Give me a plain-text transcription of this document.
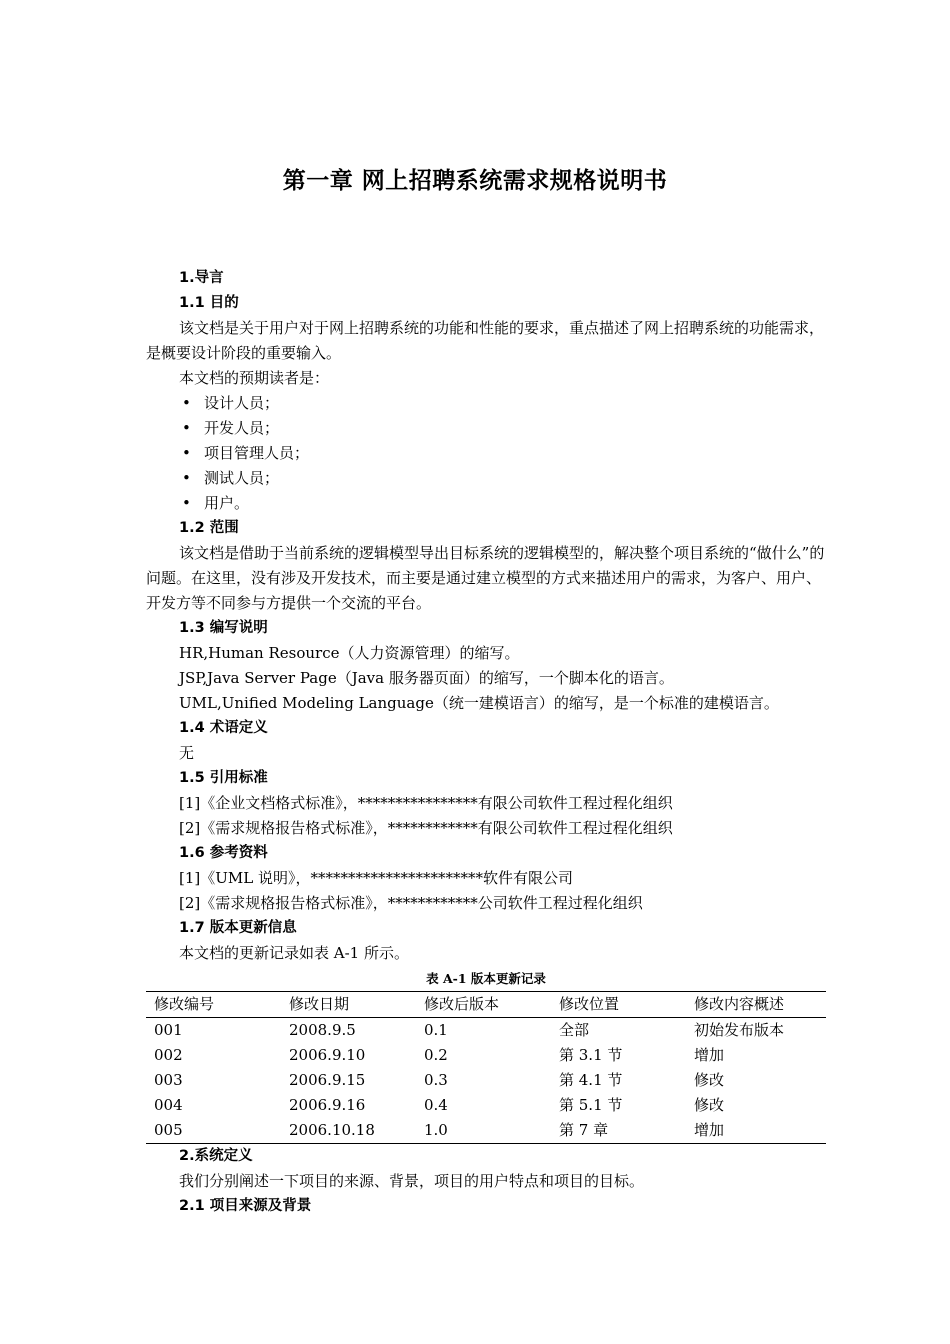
第一章 网上招聘系统需求规格说明书
1.导言
1.1 目的
该文档是关于用户对于网上招聘系统的功能和性能的要求，重点描述了网上招聘系统的功能需求，是概要设计阶段的重要输入。
本文档的预期读者是：
• 设计人员；
• 开发人员；
• 项目管理人员；
• 测试人员；
• 用户。
1.2 范围
该文档是借助于当前系统的逻辑模型导出目标系统的逻辑模型的，解决整个项目系统的“做什么”的问题。在这里，没有涉及开发技术，而主要是通过建立模型的方式来描述用户的需求，为客户、用户、开发方等不同参与方提供一个交流的平台。
1.3 编写说明
HR,Human Resource（人力资源管理）的缩写。
JSP,Java Server Page（Java 服务器页面）的缩写，一个脚本化的语言。
UML,Unified Modeling Language（统一建模语言）的缩写，是一个标准的建模语言。
1.4 术语定义
无
1.5 引用标准
[1]《企业文档格式标准》，****************有限公司软件工程过程化组织
[2]《需求规格报告格式标准》，************有限公司软件工程过程化组织
1.6 参考资料
[1]《UML 说明》，***********************软件有限公司
[2]《需求规格报告格式标准》，************公司软件工程过程化组织
1.7 版本更新信息
本文档的更新记录如表 A-1 所示。
表 A-1 版本更新记录
修改编号	修改日期	修改后版本	修改位置	修改内容概述
001	2008.9.5	0.1	全部	初始发布版本
002	2006.9.10	0.2	第 3.1 节	增加
003	2006.9.15	0.3	第 4.1 节	修改
004	2006.9.16	0.4	第 5.1 节	修改
005	2006.10.18	1.0	第 7 章	增加
2.系统定义
我们分别阐述一下项目的来源、背景，项目的用户特点和项目的目标。
2.1 项目来源及背景
